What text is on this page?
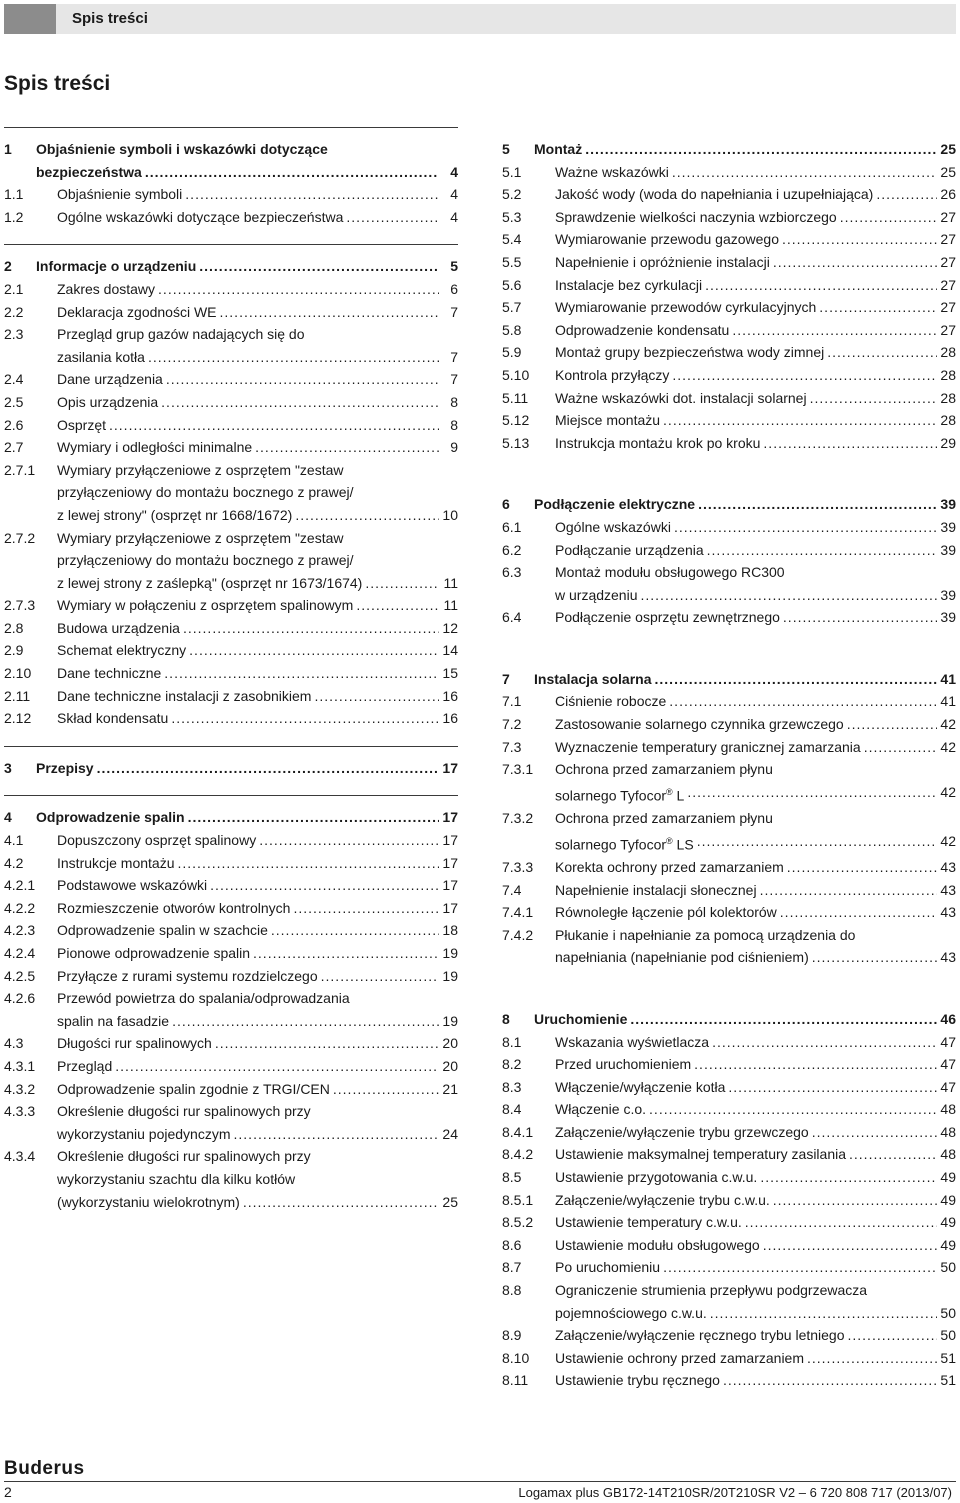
Spis treści
Spis treści
1	Objaśnienie symboli i wskazówki dotyczące
bezpieczeństwa .....	4
1.1	Objaśnienie symboli .....	4
1.2	Ogólne wskazówki dotyczące bezpieczeństwa .....	4
2	Informacje o urządzeniu .....	5
2.1	Zakres dostawy .....	6
2.2	Deklaracja zgodności WE .....	7
2.3	Przegląd grup gazów nadających się do
zasilania kotła .....	7
2.4	Dane urządzenia .....	7
2.5	Opis urządzenia .....	8
2.6	Osprzęt .....	8
2.7	Wymiary i odległości minimalne .....	9
2.7.1	Wymiary przyłączeniowe z osprzętem "zestaw
przyłączeniowy do montażu bocznego z prawej/
z lewej strony" (osprzęt nr 1668/1672) .....	10
2.7.2	Wymiary przyłączeniowe z osprzętem "zestaw
przyłączeniowy do montażu bocznego z prawej/
z lewej strony z zaślepką" (osprzęt nr 1673/1674) .....	11
2.7.3	Wymiary w połączeniu z osprzętem spalinowym .....	11
2.8	Budowa urządzenia .....	12
2.9	Schemat elektryczny .....	14
2.10	Dane techniczne .....	15
2.11	Dane techniczne instalacji z zasobnikiem .....	16
2.12	Skład kondensatu .....	16
3	Przepisy .....	17
4	Odprowadzenie spalin .....	17
4.1	Dopuszczony osprzęt spalinowy .....	17
4.2	Instrukcje montażu .....	17
4.2.1	Podstawowe wskazówki .....	17
4.2.2	Rozmieszczenie otworów kontrolnych .....	17
4.2.3	Odprowadzenie spalin w szachcie .....	18
4.2.4	Pionowe odprowadzenie spalin .....	19
4.2.5	Przyłącze z rurami systemu rozdzielczego .....	19
4.2.6	Przewód powietrza do spalania/odprowadzania
spalin na fasadzie .....	19
4.3	Długości rur spalinowych .....	20
4.3.1	Przegląd .....	20
4.3.2	Odprowadzenie spalin zgodnie z TRGI/CEN .....	21
4.3.3	Określenie długości rur spalinowych przy
wykorzystaniu pojedynczym .....	24
4.3.4	Określenie długości rur spalinowych przy
wykorzystaniu szachtu dla kilku kotłów
(wykorzystaniu wielokrotnym) .....	25
5	Montaż .....	25
5.1	Ważne wskazówki .....	25
5.2	Jakość wody (woda do napełniania i uzupełniająca) .....	26
5.3	Sprawdzenie wielkości naczynia wzbiorczego .....	27
5.4	Wymiarowanie przewodu gazowego .....	27
5.5	Napełnienie i opróżnienie instalacji .....	27
5.6	Instalacje bez cyrkulacji .....	27
5.7	Wymiarowanie przewodów cyrkulacyjnych .....	27
5.8	Odprowadzenie kondensatu .....	27
5.9	Montaż grupy bezpieczeństwa wody zimnej .....	28
5.10	Kontrola przyłączy .....	28
5.11	Ważne wskazówki dot. instalacji solarnej .....	28
5.12	Miejsce montażu .....	28
5.13	Instrukcja montażu krok po kroku .....	29
6	Podłączenie elektryczne .....	39
6.1	Ogólne wskazówki .....	39
6.2	Podłączanie urządzenia .....	39
6.3	Montaż modułu obsługowego RC300
w urządzeniu .....	39
6.4	Podłączenie osprzętu zewnętrznego .....	39
7	Instalacja solarna .....	41
7.1	Ciśnienie robocze .....	41
7.2	Zastosowanie solarnego czynnika grzewczego .....	42
7.3	Wyznaczenie temperatury granicznej zamarzania .....	42
7.3.1	Ochrona przed zamarzaniem płynu
solarnego Tyfocor® L .....	42
7.3.2	Ochrona przed zamarzaniem płynu
solarnego Tyfocor® LS .....	42
7.3.3	Korekta ochrony przed zamarzaniem .....	43
7.4	Napełnienie instalacji słonecznej .....	43
7.4.1	Równoległe łączenie pól kolektorów .....	43
7.4.2	Płukanie i napełnianie za pomocą urządzenia do
napełniania (napełnianie pod ciśnieniem) .....	43
8	Uruchomienie .....	46
8.1	Wskazania wyświetlacza .....	47
8.2	Przed uruchomieniem .....	47
8.3	Włączenie/wyłączenie kotła .....	47
8.4	Włączenie c.o. .....	48
8.4.1	Załączenie/wyłączenie trybu grzewczego .....	48
8.4.2	Ustawienie maksymalnej temperatury zasilania .....	48
8.5	Ustawienie przygotowania c.w.u. .....	49
8.5.1	Załączenie/wyłączenie trybu c.w.u. .....	49
8.5.2	Ustawienie temperatury c.w.u. .....	49
8.6	Ustawienie modułu obsługowego .....	49
8.7	Po uruchomieniu .....	50
8.8	Ograniczenie strumienia przepływu podgrzewacza
pojemnościowego c.w.u. .....	50
8.9	Załączenie/wyłączenie ręcznego trybu letniego .....	50
8.10	Ustawienie ochrony przed zamarzaniem .....	51
8.11	Ustawienie trybu ręcznego .....	51
Buderus
2	Logamax plus GB172-14T210SR/20T210SR V2 – 6 720 808 717 (2013/07)
